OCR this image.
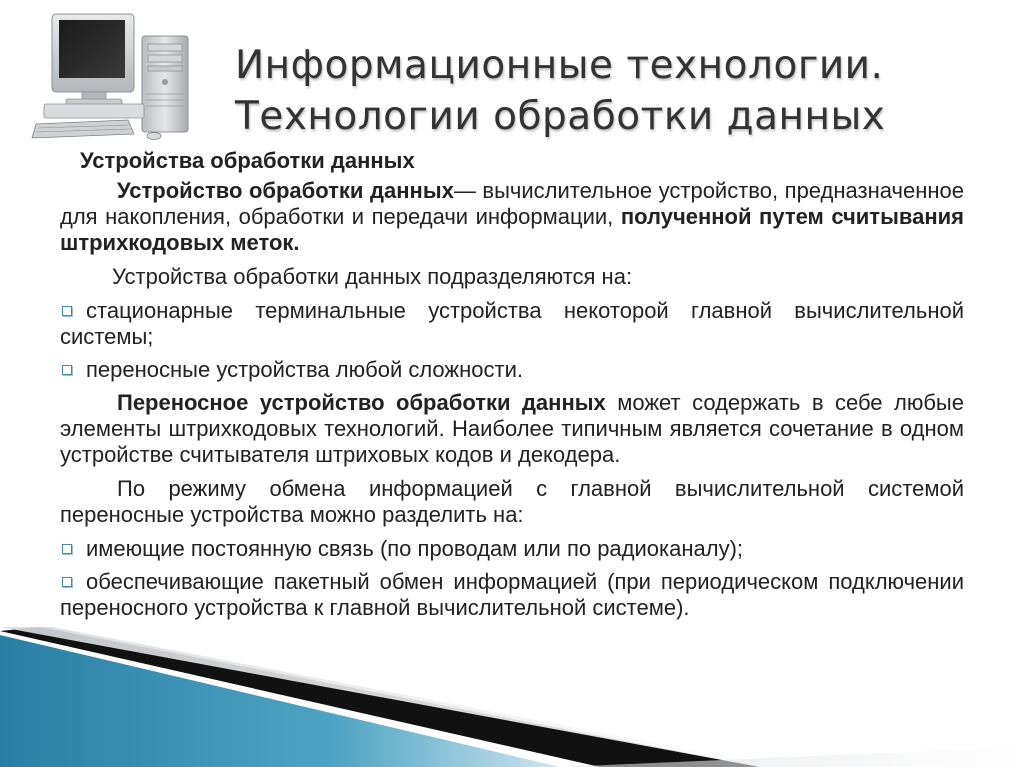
Информационные технологии.
Технологии обработки данных

Устройства обработки данных

Устройство обработки данных— вычислительное устройство, предназначенное для накопления, обработки и передачи информации, полученной путем считывания штрихкодовых меток.

Устройства обработки данных подразделяются на:

стационарные терминальные устройства некоторой главной вычислительной системы;

переносные устройства любой сложности.

Переносное устройство обработки данных может содержать в себе любые элементы штрихкодовых технологий. Наиболее типичным является сочетание в одном устройстве считывателя штриховых кодов и декодера.

По режиму обмена информацией с главной вычислительной системой переносные устройства можно разделить на:

имеющие постоянную связь (по проводам или по радиоканалу);

обеспечивающие пакетный обмен информацией (при периодическом подключении переносного устройства к главной вычислительной системе).
